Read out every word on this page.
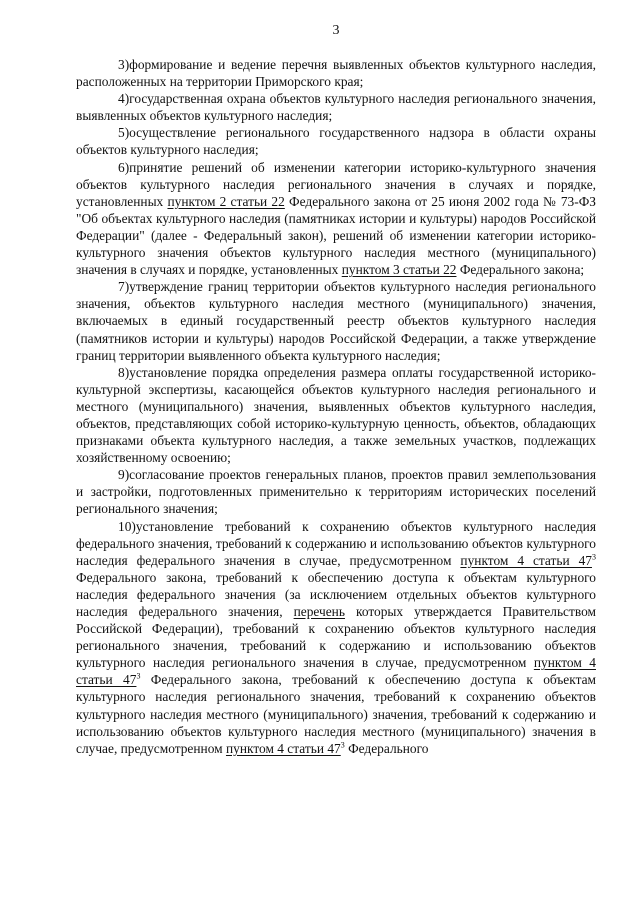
3

3)формирование и ведение перечня выявленных объектов культурного наследия, расположенных на территории Приморского края;

4)государственная охрана объектов культурного наследия регионального значения, выявленных объектов культурного наследия;

5)осуществление регионального государственного надзора в области охраны объектов культурного наследия;

6)принятие решений об изменении категории историко-культурного значения объектов культурного наследия регионального значения в случаях и порядке, установленных пунктом 2 статьи 22 Федерального закона от 25 июня 2002 года № 73-ФЗ "Об объектах культурного наследия (памятниках истории и культуры) народов Российской Федерации" (далее - Федеральный закон), решений об изменении категории историко-культурного значения объектов культурного наследия местного (муниципального) значения в случаях и порядке, установленных пунктом 3 статьи 22 Федерального закона;

7)утверждение границ территории объектов культурного наследия регионального значения, объектов культурного наследия местного (муниципального) значения, включаемых в единый государственный реестр объектов культурного наследия (памятников истории и культуры) народов Российской Федерации, а также утверждение границ территории выявленного объекта культурного наследия;

8)установление порядка определения размера оплаты государственной историко-культурной экспертизы, касающейся объектов культурного наследия регионального и местного (муниципального) значения, выявленных объектов культурного наследия, объектов, представляющих собой историко-культурную ценность, объектов, обладающих признаками объекта культурного наследия, а также земельных участков, подлежащих хозяйственному освоению;

9)согласование проектов генеральных планов, проектов правил землепользования и застройки, подготовленных применительно к территориям исторических поселений регионального значения;

10)установление требований к сохранению объектов культурного наследия федерального значения, требований к содержанию и использованию объектов культурного наследия федерального значения в случае, предусмотренном пунктом 4 статьи $47^3$ Федерального закона, требований к обеспечению доступа к объектам культурного наследия федерального значения (за исключением отдельных объектов культурного наследия федерального значения, перечень которых утверждается Правительством Российской Федерации), требований к сохранению объектов культурного наследия регионального значения, требований к содержанию и использованию объектов культурного наследия регионального значения в случае, предусмотренном пунктом 4 статьи $47^3$ Федерального закона, требований к обеспечению доступа к объектам культурного наследия регионального значения, требований к сохранению объектов культурного наследия местного (муниципального) значения, требований к содержанию и использованию объектов культурного наследия местного (муниципального) значения в случае, предусмотренном пунктом 4 статьи $47^3$ Федерального
